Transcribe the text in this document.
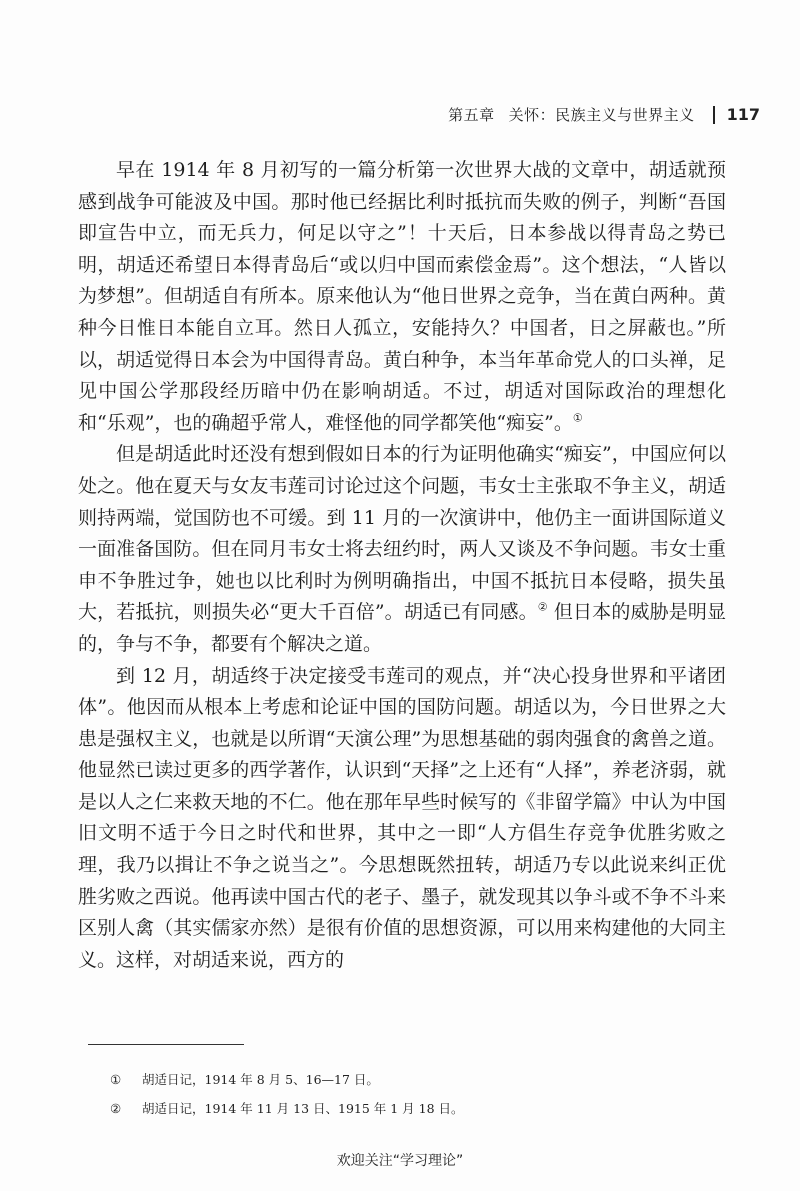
第五章 关怀：民族主义与世界主义 117

早在 1914 年 8 月初写的一篇分析第一次世界大战的文章中，胡适就预感到战争可能波及中国。那时他已经据比利时抵抗而失败的例子，判断“吾国即宣告中立，而无兵力，何足以守之”！十天后，日本参战以得青岛之势已明，胡适还希望日本得青岛后“或以归中国而索偿金焉”。这个想法，“人皆以为梦想”。但胡适自有所本。原来他认为“他日世界之竞争，当在黄白两种。黄种今日惟日本能自立耳。然日人孤立，安能持久？中国者，日之屏蔽也。”所以，胡适觉得日本会为中国得青岛。黄白种争，本当年革命党人的口头禅，足见中国公学那段经历暗中仍在影响胡适。不过，胡适对国际政治的理想化和“乐观”，也的确超乎常人，难怪他的同学都笑他“痴妄”。①

但是胡适此时还没有想到假如日本的行为证明他确实“痴妄”，中国应何以处之。他在夏天与女友韦莲司讨论过这个问题，韦女士主张取不争主义，胡适则持两端，觉国防也不可缓。到 11 月的一次演讲中，他仍主一面讲国际道义一面准备国防。但在同月韦女士将去纽约时，两人又谈及不争问题。韦女士重申不争胜过争，她也以比利时为例明确指出，中国不抵抗日本侵略，损失虽大，若抵抗，则损失必“更大千百倍”。胡适已有同感。② 但日本的威胁是明显的，争与不争，都要有个解决之道。

到 12 月，胡适终于决定接受韦莲司的观点，并“决心投身世界和平诸团体”。他因而从根本上考虑和论证中国的国防问题。胡适以为，今日世界之大患是强权主义，也就是以所谓“天演公理”为思想基础的弱肉强食的禽兽之道。他显然已读过更多的西学著作，认识到“天择”之上还有“人择”，养老济弱，就是以人之仁来救天地的不仁。他在那年早些时候写的《非留学篇》中认为中国旧文明不适于今日之时代和世界，其中之一即“人方倡生存竞争优胜劣败之理，我乃以揖让不争之说当之”。今思想既然扭转，胡适乃专以此说来纠正优胜劣败之西说。他再读中国古代的老子、墨子，就发现其以争斗或不争不斗来区别人禽（其实儒家亦然）是很有价值的思想资源，可以用来构建他的大同主义。这样，对胡适来说，西方的

①	胡适日记，1914 年 8 月 5、16—17 日。
②	胡适日记，1914 年 11 月 13 日、1915 年 1 月 18 日。
欢迎关注“学习理论”
